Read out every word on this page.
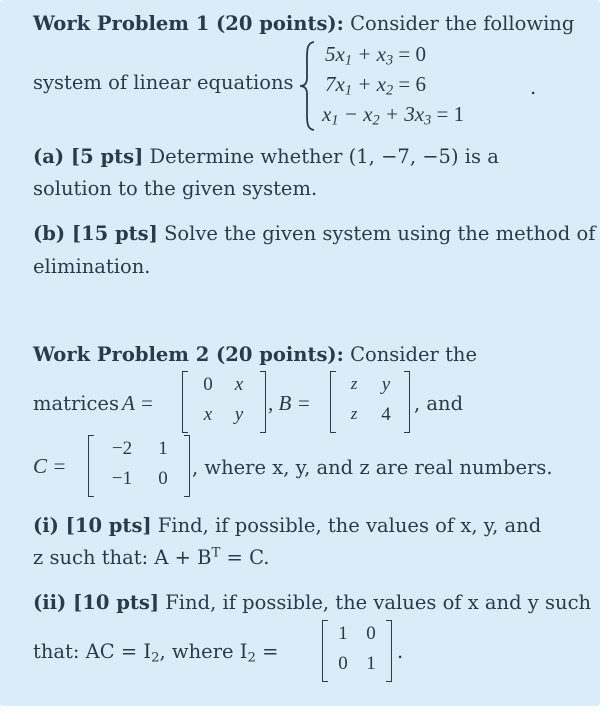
Work Problem 1 (20 points): Consider the following
system of linear equations
$5x_1 + x_3 = 0$
$7x_1 + x_2 = 6$
$x_1 - x_2 + 3x_3 = 1$
.
(a) [5 pts] Determine whether (1, −7, −5) is a
solution to the given system.
(b) [15 pts] Solve the given system using the method of
elimination.
Work Problem 2 (20 points): Consider the
matrices A =
0	x
x	y	, B =
z	y
z	4	, and
C =
−2	1
−1	0	, where x, y, and z are real numbers.
(i) [10 pts] Find, if possible, the values of x, y, and
z such that: $A + B^T = C$.
(ii) [10 pts] Find, if possible, the values of x and y such
that: AC = $I_2$, where $I_2$ =
1 0
0 1
.
